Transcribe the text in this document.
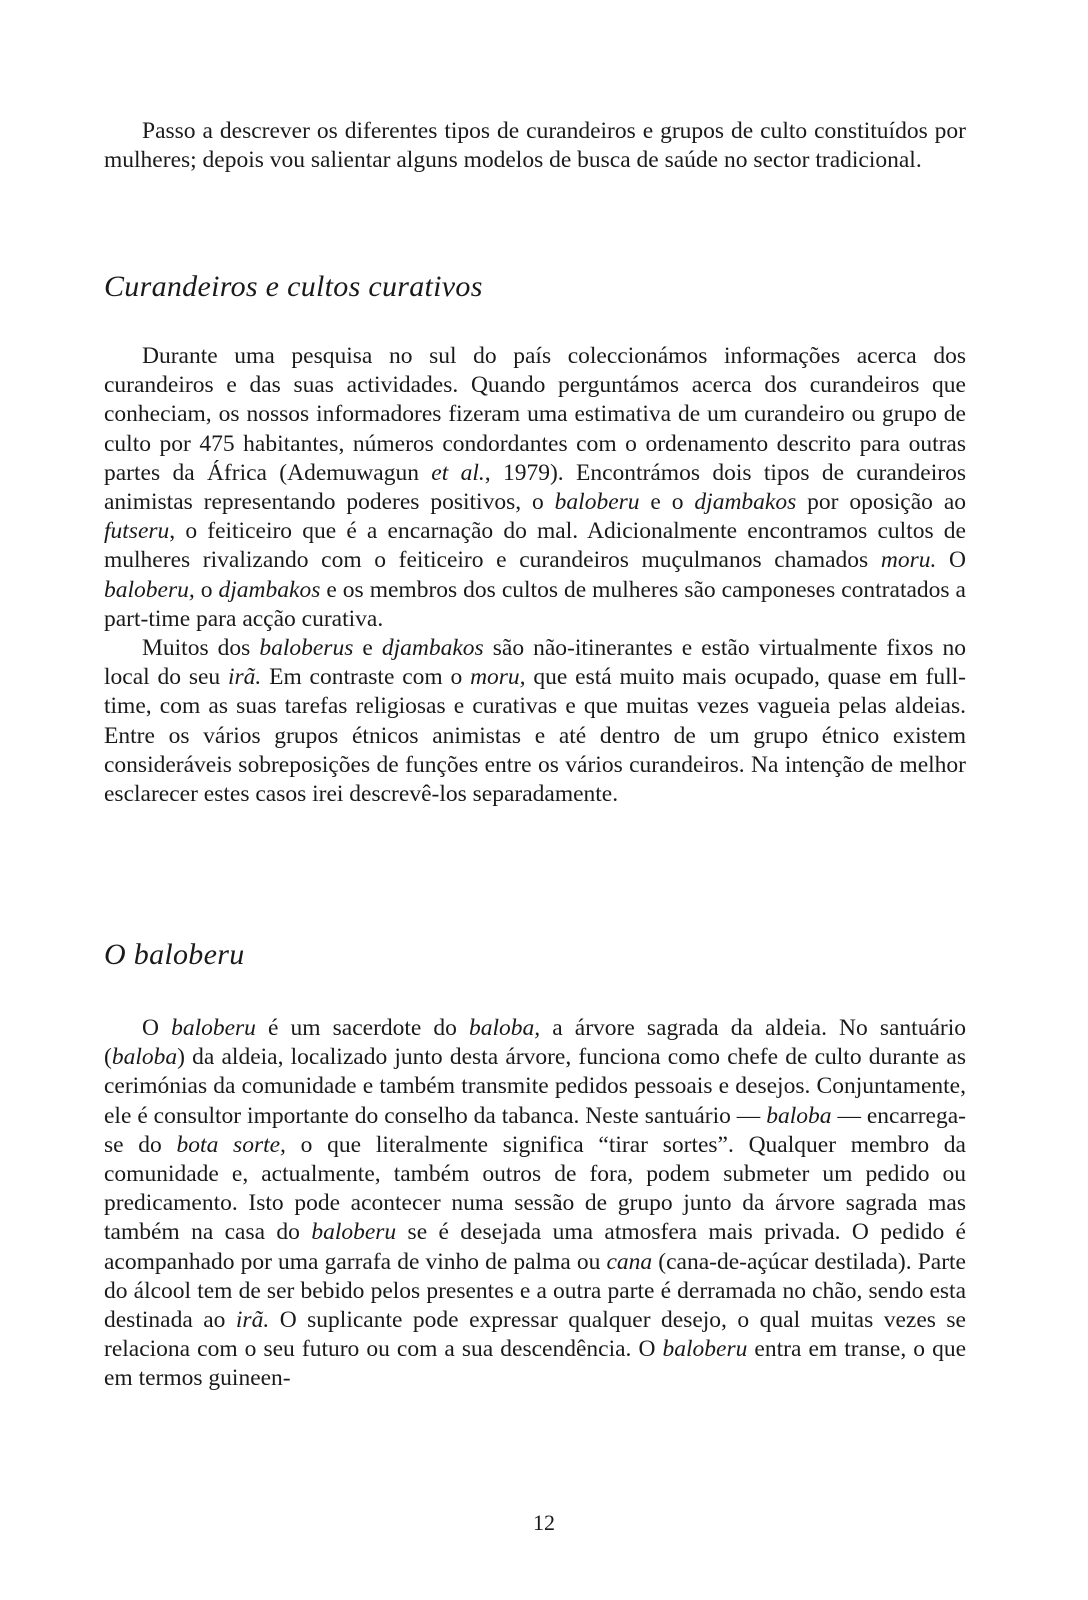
Passo a descrever os diferentes tipos de curandeiros e grupos de culto constituídos por mulheres; depois vou salientar alguns modelos de busca de saúde no sector tradicional.

Curandeiros e cultos curativos

Durante uma pesquisa no sul do país coleccionámos informações acerca dos curandeiros e das suas actividades. Quando perguntámos acerca dos curandeiros que conheciam, os nossos informadores fizeram uma estimativa de um curandeiro ou grupo de culto por 475 habitantes, números condordantes com o ordenamento descrito para outras partes da África (Ademuwagun et al., 1979). Encontrámos dois tipos de curandeiros animistas representando poderes positivos, o baloberu e o djambakos por oposição ao futseru, o feiticeiro que é a encarnação do mal. Adicionalmente encontramos cultos de mulheres rivalizando com o feiticeiro e curandeiros muçulmanos chamados moru. O baloberu, o djambakos e os membros dos cultos de mulheres são camponeses contratados a part-time para acção curativa.

Muitos dos baloberus e djambakos são não-itinerantes e estão virtualmente fixos no local do seu irã. Em contraste com o moru, que está muito mais ocupado, quase em full-time, com as suas tarefas religiosas e curativas e que muitas vezes vagueia pelas aldeias. Entre os vários grupos étnicos animistas e até dentro de um grupo étnico existem consideráveis sobreposições de funções entre os vários curandeiros. Na intenção de melhor esclarecer estes casos irei descrevê-los separadamente.

O baloberu

O baloberu é um sacerdote do baloba, a árvore sagrada da aldeia. No santuário (baloba) da aldeia, localizado junto desta árvore, funciona como chefe de culto durante as cerimónias da comunidade e também transmite pedidos pessoais e desejos. Conjuntamente, ele é consultor importante do conselho da tabanca. Neste santuário — baloba — encarrega-se do bota sorte, o que literalmente significa “tirar sortes”. Qualquer membro da comunidade e, actualmente, também outros de fora, podem submeter um pedido ou predicamento. Isto pode acontecer numa sessão de grupo junto da árvore sagrada mas também na casa do baloberu se é desejada uma atmosfera mais privada. O pedido é acompanhado por uma garrafa de vinho de palma ou cana (cana-de-açúcar destilada). Parte do álcool tem de ser bebido pelos presentes e a outra parte é derramada no chão, sendo esta destinada ao irã. O suplicante pode expressar qualquer desejo, o qual muitas vezes se relaciona com o seu futuro ou com a sua descendência. O baloberu entra em transe, o que em termos guineen-

12
